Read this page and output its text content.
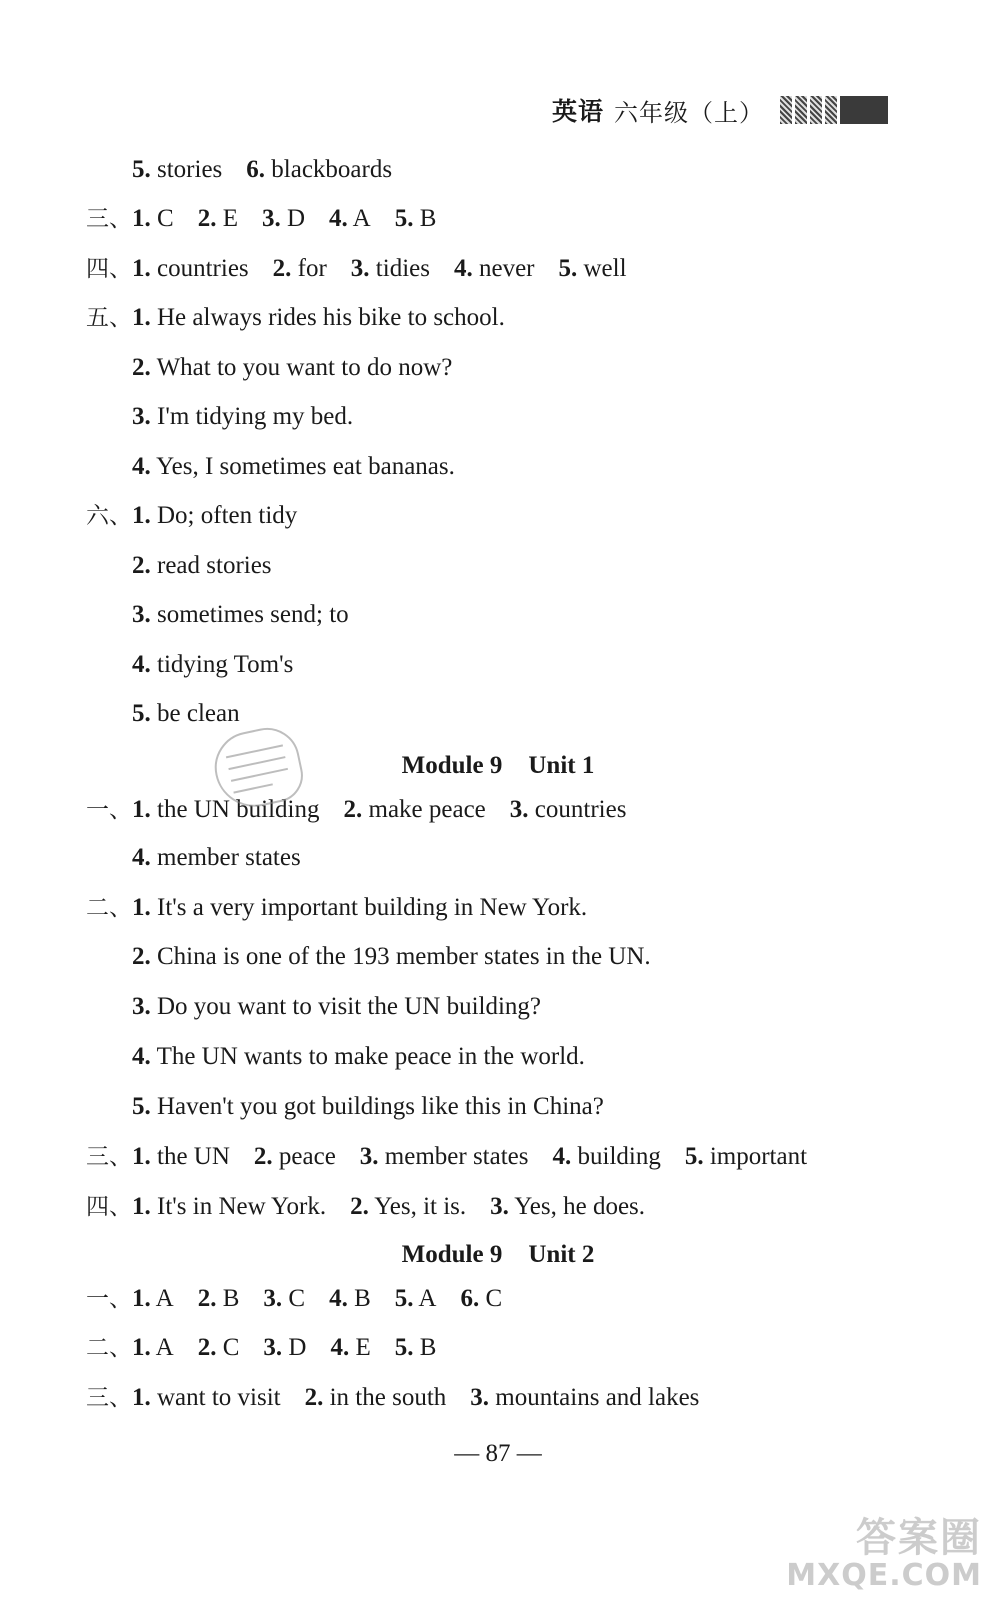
英语 六年级（上）
5. stories 6. blackboards
三、1. C 2. E 3. D 4. A 5. B
四、1. countries 2. for 3. tidies 4. never 5. well
五、1. He always rides his bike to school.
2. What to you want to do now?
3. I'm tidying my bed.
4. Yes, I sometimes eat bananas.
六、1. Do; often tidy
2. read stories
3. sometimes send; to
4. tidying Tom's
5. be clean
Module 9 Unit 1
一、1. the UN building 2. make peace 3. countries
4. member states
二、1. It's a very important building in New York.
2. China is one of the 193 member states in the UN.
3. Do you want to visit the UN building?
4. The UN wants to make peace in the world.
5. Haven't you got buildings like this in China?
三、1. the UN 2. peace 3. member states 4. building 5. important
四、1. It's in New York. 2. Yes, it is. 3. Yes, he does.
Module 9 Unit 2
一、1. A 2. B 3. C 4. B 5. A 6. C
二、1. A 2. C 3. D 4. E 5. B
三、1. want to visit 2. in the south 3. mountains and lakes
— 87 —
答案圈
MXQE.COM
